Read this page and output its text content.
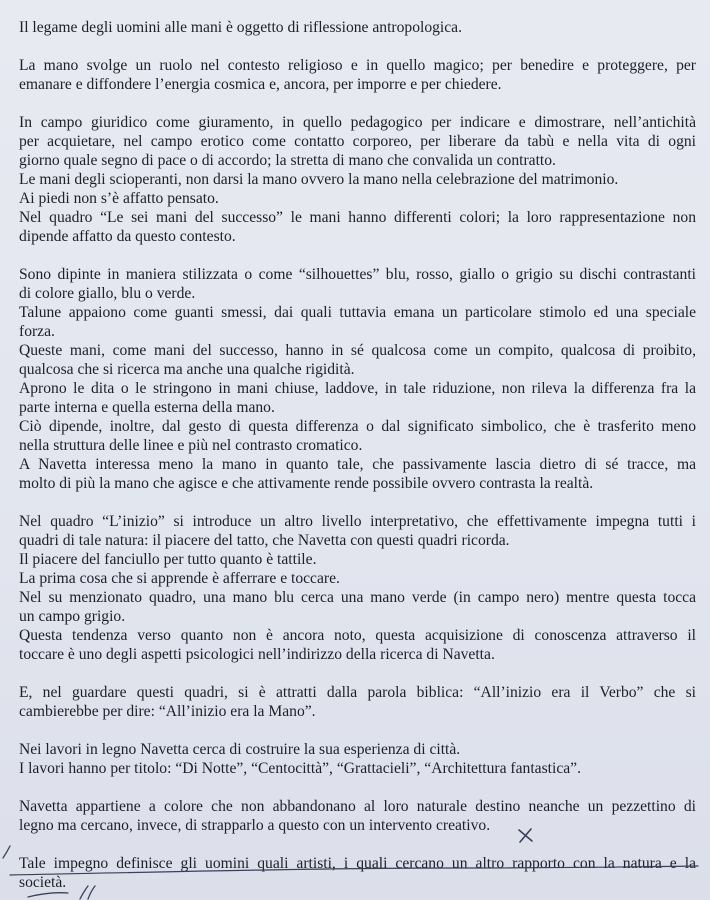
Il legame degli uomini alle mani è oggetto di riflessione antropologica.
La mano svolge un ruolo nel contesto religioso e in quello magico; per benedire e proteggere, per
emanare e diffondere l’energia cosmica e, ancora, per imporre e per chiedere.
In campo giuridico come giuramento, in quello pedagogico per indicare e dimostrare, nell’antichità
per acquietare, nel campo erotico come contatto corporeo, per liberare da tabù e nella vita di ogni
giorno quale segno di pace o di accordo; la stretta di mano che convalida un contratto.
Le mani degli scioperanti, non darsi la mano ovvero la mano nella celebrazione del matrimonio.
Ai piedi non s’è affatto pensato.
Nel quadro “Le sei mani del successo” le mani hanno differenti colori; la loro rappresentazione non
dipende affatto da questo contesto.
Sono dipinte in maniera stilizzata o come “silhouettes” blu, rosso, giallo o grigio su dischi contrastanti
di colore giallo, blu o verde.
Talune appaiono come guanti smessi, dai quali tuttavia emana un particolare stimolo ed una speciale
forza.
Queste mani, come mani del successo, hanno in sé qualcosa come un compito, qualcosa di proibito,
qualcosa che si ricerca ma anche una qualche rigidità.
Aprono le dita o le stringono in mani chiuse, laddove, in tale riduzione, non rileva la differenza fra la
parte interna e quella esterna della mano.
Ciò dipende, inoltre, dal gesto di questa differenza o dal significato simbolico, che è trasferito meno
nella struttura delle linee e più nel contrasto cromatico.
A Navetta interessa meno la mano in quanto tale, che passivamente lascia dietro di sé tracce, ma
molto di più la mano che agisce e che attivamente rende possibile ovvero contrasta la realtà.
Nel quadro “L’inizio” si introduce un altro livello interpretativo, che effettivamente impegna tutti i
quadri di tale natura: il piacere del tatto, che Navetta con questi quadri ricorda.
Il piacere del fanciullo per tutto quanto è tattile.
La prima cosa che si apprende è afferrare e toccare.
Nel su menzionato quadro, una mano blu cerca una mano verde (in campo nero) mentre questa tocca
un campo grigio.
Questa tendenza verso quanto non è ancora noto, questa acquisizione di conoscenza attraverso il
toccare è uno degli aspetti psicologici nell’indirizzo della ricerca di Navetta.
E, nel guardare questi quadri, si è attratti dalla parola biblica: “All’inizio era il Verbo” che si
cambierebbe per dire: “All’inizio era la Mano”.
Nei lavori in legno Navetta cerca di costruire la sua esperienza di città.
I lavori hanno per titolo: “Di Notte”, “Centocittà”, “Grattacieli”, “Architettura fantastica”.
Navetta appartiene a colore che non abbandonano al loro naturale destino neanche un pezzettino di
legno ma cercano, invece, di strapparlo a questo con un intervento creativo.
Tale impegno definisce gli uomini quali artisti, i quali cercano un altro rapporto con la natura e la
società.
